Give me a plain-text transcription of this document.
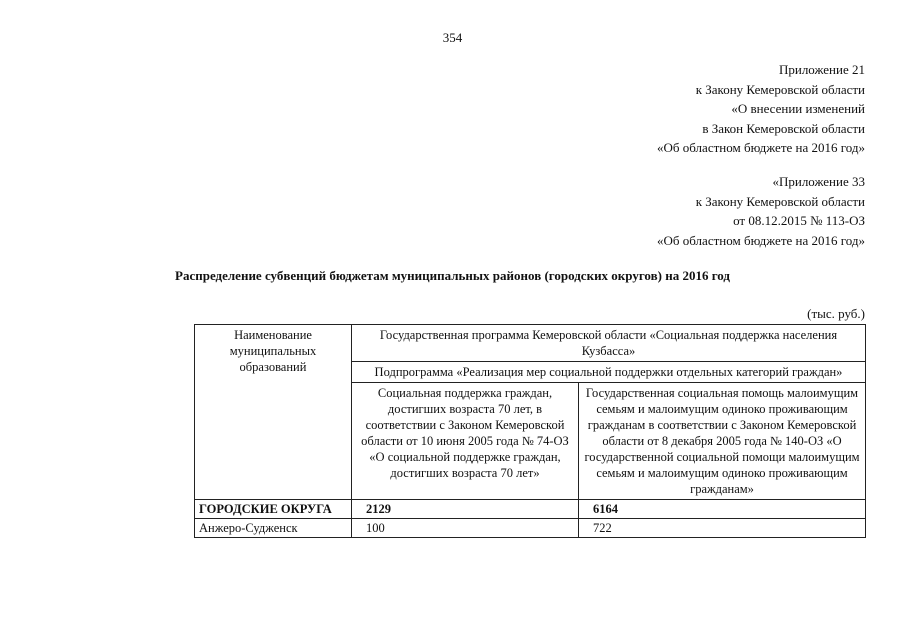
354
Приложение 21
к Закону Кемеровской области
«О внесении изменений
в Закон Кемеровской области
«Об областном бюджете на 2016 год»
«Приложение 33
к Закону Кемеровской области
от 08.12.2015 № 113-ОЗ
«Об областном бюджете на 2016 год»
Распределение субвенций бюджетам муниципальных районов (городских округов) на 2016 год
(тыс. руб.)
Наименование муниципальных образований	Государственная программа Кемеровской области «Социальная поддержка населения Кузбасса»	
	Подпрограмма «Реализация мер социальной поддержки отдельных категорий граждан»	
	Социальная поддержка граждан, достигших возраста 70 лет, в соответствии с Законом Кемеровской области от 10 июня 2005 года № 74-ОЗ «О социальной поддержке граждан, достигших возраста 70 лет»	Государственная социальная помощь малоимущим семьям и малоимущим одиноко проживающим гражданам в соответствии с Законом Кемеровской области от 8 декабря 2005 года № 140-ОЗ «О государственной социальной помощи малоимущим семьям и малоимущим одиноко проживающим гражданам»
ГОРОДСКИЕ ОКРУГА	2129	6164
Анжеро-Судженск	100	722
